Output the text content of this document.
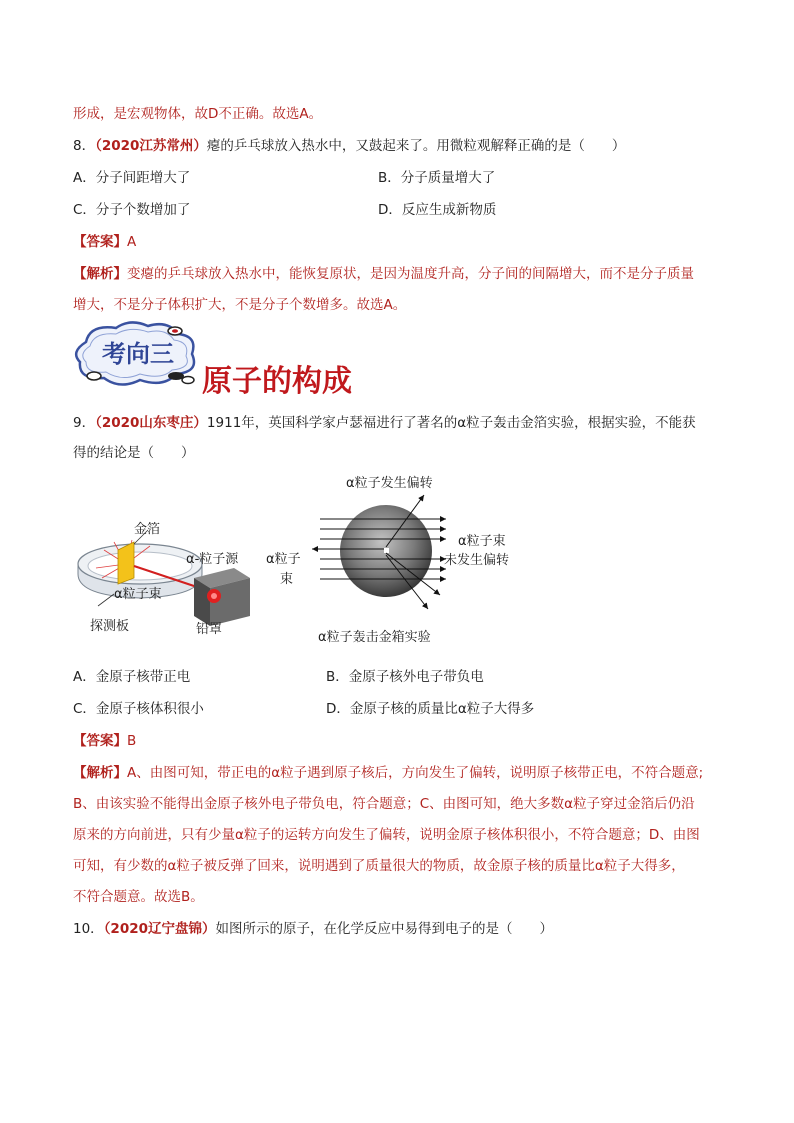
形成，是宏观物体，故D不正确。故选A。
8．（2020江苏常州）瘪的乒乓球放入热水中，又鼓起来了。用微粒观解释正确的是（　　）
A．分子间距增大了	B．分子质量增大了
C．分子个数增加了	D．反应生成新物质
【答案】A
【解析】变瘪的乒乓球放入热水中，能恢复原状，是因为温度升高，分子间的间隔增大，而不是分子质量
增大，不是分子体积扩大，不是分子个数增多。故选A。
考向三
原子的构成
9．（2020山东枣庄）1911年，英国科学家卢瑟福进行了著名的α粒子轰击金箔实验，根据实验，不能获
得的结论是（　　）
金箔
α-粒子源
α粒子束
探测板	铅罩
α粒子发生偏转
α粒子
束
α粒子束
未发生偏转
α粒子轰击金箱实验
A．金原子核带正电	B．金原子核外电子带负电
C．金原子核体积很小	D．金原子核的质量比α粒子大得多
【答案】B
【解析】A、由图可知，带正电的α粒子遇到原子核后，方向发生了偏转，说明原子核带正电，不符合题意;
B、由该实验不能得出金原子核外电子带负电，符合题意；C、由图可知，绝大多数α粒子穿过金箔后仍沿
原来的方向前进，只有少量α粒子的运转方向发生了偏转，说明金原子核体积很小，不符合题意；D、由图
可知，有少数的α粒子被反弹了回来，说明遇到了质量很大的物质，故金原子核的质量比α粒子大得多，
不符合题意。故选B。
10．（2020辽宁盘锦）如图所示的原子，在化学反应中易得到电子的是（　　）
